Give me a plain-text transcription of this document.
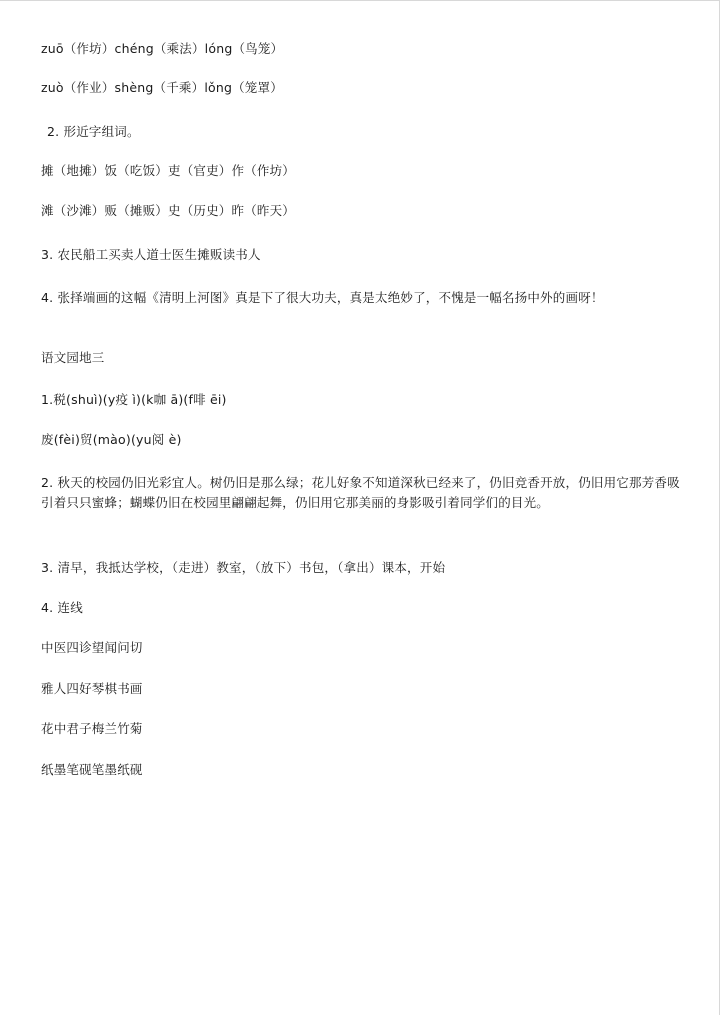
zuō（作坊）chéng（乘法）lóng（鸟笼）
zuò（作业）shèng（千乘）lǒng（笼罩）
2. 形近字组词。
摊（地摊）饭（吃饭）吏（官吏）作（作坊）
滩（沙滩）贩（摊贩）史（历史）昨（昨天）
3. 农民船工买卖人道士医生摊贩读书人
4. 张择端画的这幅《清明上河图》真是下了很大功夫，真是太绝妙了，不愧是一幅名扬中外的画呀！
语文园地三
1.税(shuì)(y疫 ì)(k咖 ā)(f啡 ēi)
废(fèi)贸(mào)(yu阅 è)
2. 秋天的校园仍旧光彩宜人。树仍旧是那么绿；花儿好象不知道深秋已经来了，仍旧竞香开放，仍旧用它那芳香吸引着只只蜜蜂；蝴蝶仍旧在校园里翩翩起舞，仍旧用它那美丽的身影吸引着同学们的目光。
3. 清早，我抵达学校，（走进）教室，（放下）书包，（拿出）课本，开始
4. 连线
中医四诊望闻问切
雅人四好琴棋书画
花中君子梅兰竹菊
纸墨笔砚笔墨纸砚
